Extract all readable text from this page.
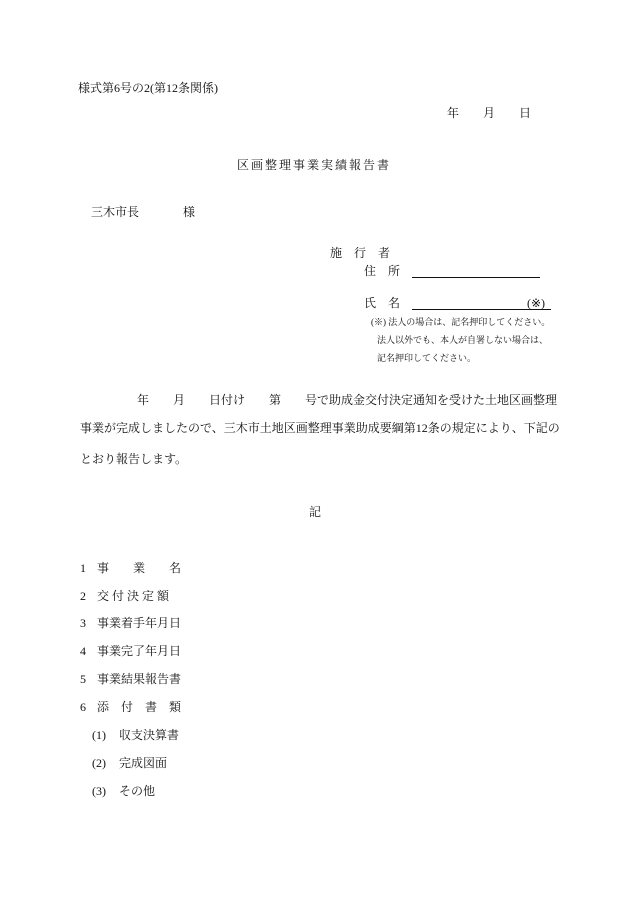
様式第6号の2(第12条関係)
年　　月　　日
区画整理事業実績報告書
三木市長	様
施　行　者
住　所
氏　名	(※)
(※) 法人の場合は、記名押印してください。
法人以外でも、本人が自署しない場合は、
記名押印してください。
年　　月　　日付け　　第　　号で助成金交付決定通知を受けた土地区画整理
事業が完成しましたので、三木市土地区画整理事業助成要綱第12条の規定により、下記の
とおり報告します。
記
1 事　　業　　名
2 交 付 決 定 額
3 事業着手年月日
4 事業完了年月日
5 事業結果報告書
6 添　付　書　類
(1) 収支決算書
(2) 完成図面
(3) その他
